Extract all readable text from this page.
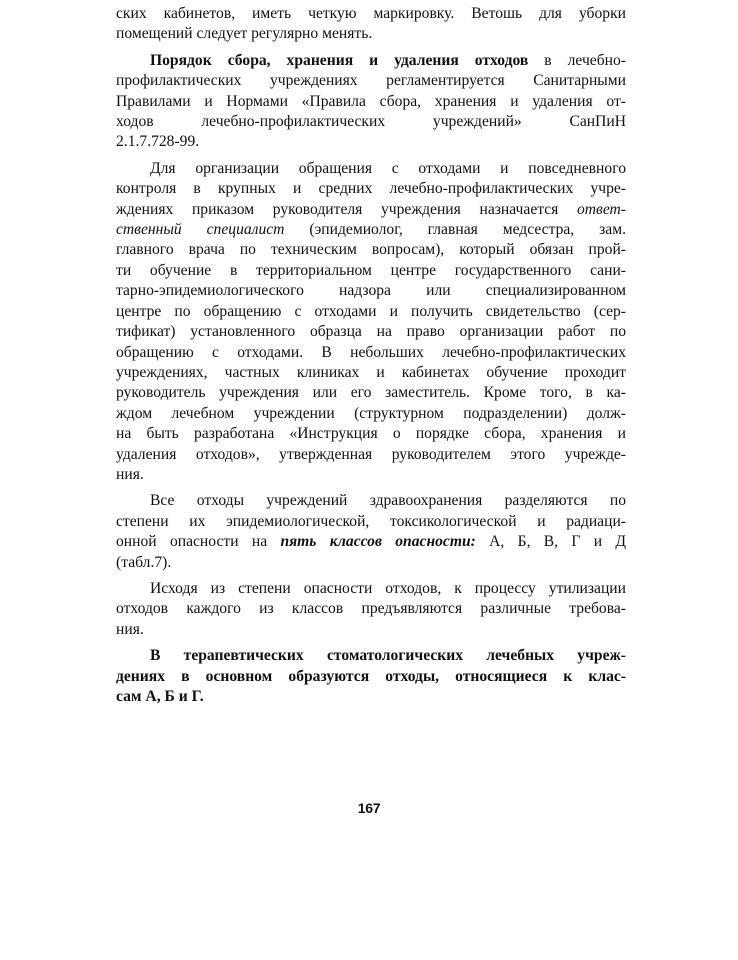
ских кабинетов, иметь четкую маркировку. Ветошь для уборки
помещений следует регулярно менять.

Порядок сбора, хранения и удаления отходов в лечебно-
профилактических учреждениях регламентируется Санитарными
Правилами и Нормами «Правила сбора, хранения и удаления от-
ходов лечебно-профилактических учреждений» СанПиН
2.1.7.728-99.

Для организации обращения с отходами и повседневного
контроля в крупных и средних лечебно-профилактических учре-
ждениях приказом руководителя учреждения назначается ответ-
ственный специалист (эпидемиолог, главная медсестра, зам.
главного врача по техническим вопросам), который обязан прой-
ти обучение в территориальном центре государственного сани-
тарно-эпидемиологического надзора или специализированном
центре по обращению с отходами и получить свидетельство (сер-
тификат) установленного образца на право организации работ по
обращению с отходами. В небольших лечебно-профилактических
учреждениях, частных клиниках и кабинетах обучение проходит
руководитель учреждения или его заместитель. Кроме того, в ка-
ждом лечебном учреждении (структурном подразделении) долж-
на быть разработана «Инструкция о порядке сбора, хранения и
удаления отходов», утвержденная руководителем этого учрежде-
ния.

Все отходы учреждений здравоохранения разделяются по
степени их эпидемиологической, токсикологической и радиаци-
онной опасности на пять классов опасности: А, Б, В, Г и Д
(табл.7).

Исходя из степени опасности отходов, к процессу утилизации
отходов каждого из классов предъявляются различные требова-
ния.

В терапевтических стоматологических лечебных учреж-
дениях в основном образуются отходы, относящиеся к клас-
сам А, Б и Г.

167
